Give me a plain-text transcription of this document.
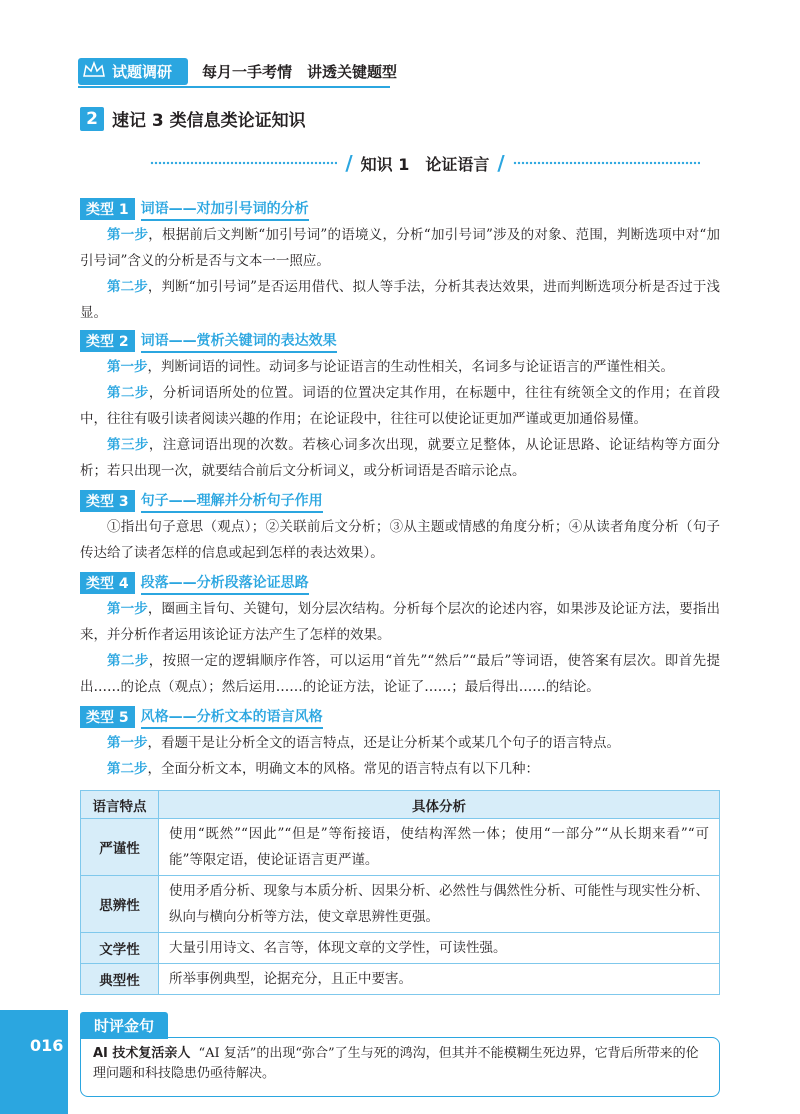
试题调研	每月一手考情　讲透关键题型
2 速记 3 类信息类论证知识
/ 知识 1　论证语言 /
类型 1 词语——对加引号词的分析
第一步，根据前后文判断“加引号词”的语境义，分析“加引号词”涉及的对象、范围，判断选项中对“加引号词”含义的分析是否与文本一一照应。
第二步，判断“加引号词”是否运用借代、拟人等手法，分析其表达效果，进而判断选项分析是否过于浅显。
类型 2 词语——赏析关键词的表达效果
第一步，判断词语的词性。动词多与论证语言的生动性相关，名词多与论证语言的严谨性相关。
第二步，分析词语所处的位置。词语的位置决定其作用，在标题中，往往有统领全文的作用；在首段中，往往有吸引读者阅读兴趣的作用；在论证段中，往往可以使论证更加严谨或更加通俗易懂。
第三步，注意词语出现的次数。若核心词多次出现，就要立足整体，从论证思路、论证结构等方面分析；若只出现一次，就要结合前后文分析词义，或分析词语是否暗示论点。
类型 3 句子——理解并分析句子作用
①指出句子意思（观点）；②关联前后文分析；③从主题或情感的角度分析；④从读者角度分析（句子传达给了读者怎样的信息或起到怎样的表达效果）。
类型 4 段落——分析段落论证思路
第一步，圈画主旨句、关键句，划分层次结构。分析每个层次的论述内容，如果涉及论证方法，要指出来，并分析作者运用该论证方法产生了怎样的效果。
第二步，按照一定的逻辑顺序作答，可以运用“首先”“然后”“最后”等词语，使答案有层次。即首先提出……的论点（观点）；然后运用……的论证方法，论证了……；最后得出……的结论。
类型 5 风格——分析文本的语言风格
第一步，看题干是让分析全文的语言特点，还是让分析某个或某几个句子的语言特点。
第二步，全面分析文本，明确文本的风格。常见的语言特点有以下几种：
语言特点	具体分析
严谨性	使用“既然”“因此”“但是”等衔接语，使结构浑然一体；使用“一部分”“从长期来看”“可能”等限定语，使论证语言更严谨。
思辨性	使用矛盾分析、现象与本质分析、因果分析、必然性与偶然性分析、可能性与现实性分析、纵向与横向分析等方法，使文章思辨性更强。
文学性	大量引用诗文、名言等，体现文章的文学性，可读性强。
典型性	所举事例典型，论据充分，且正中要害。
016
时评金句
AI 技术复活亲人 “AI 复活”的出现“弥合”了生与死的鸿沟，但其并不能模糊生死边界，它背后所带来的伦理问题和科技隐患仍亟待解决。
